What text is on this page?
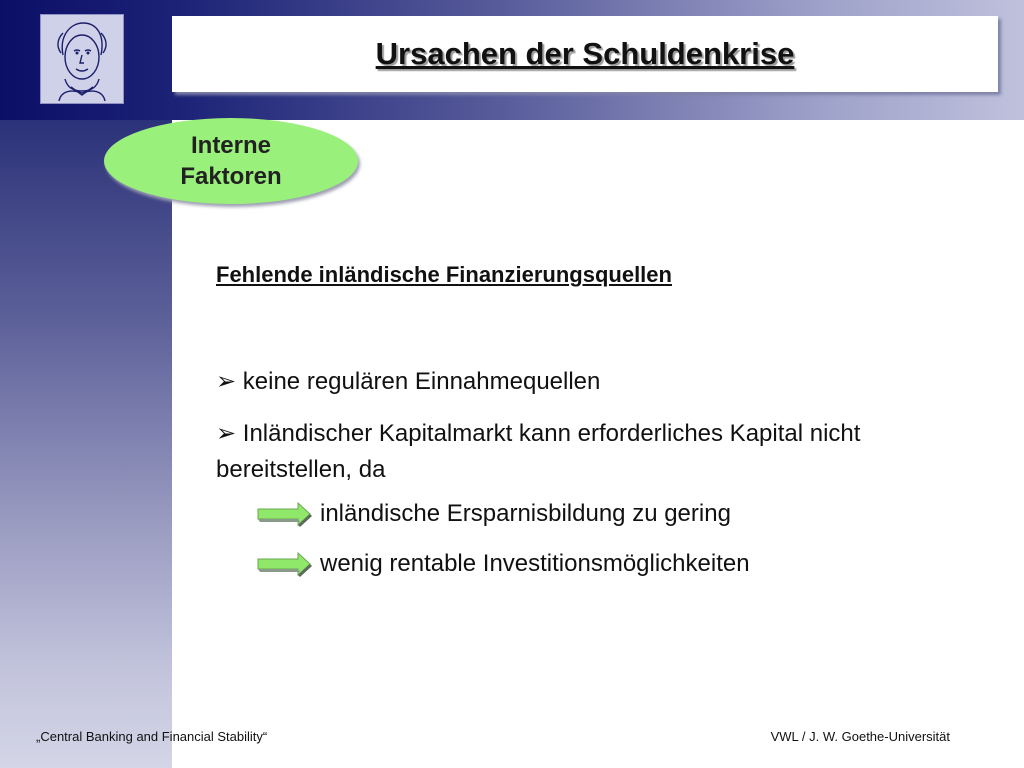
Ursachen der Schuldenkrise
Interne
Faktoren
Fehlende inländische Finanzierungsquellen
➢ keine regulären Einnahmequellen
➢ Inländischer Kapitalmarkt kann erforderliches Kapital nicht bereitstellen, da
inländische Ersparnisbildung zu gering
wenig rentable Investitionsmöglichkeiten
„Central Banking and Financial Stability“	VWL / J. W. Goethe-Universität
